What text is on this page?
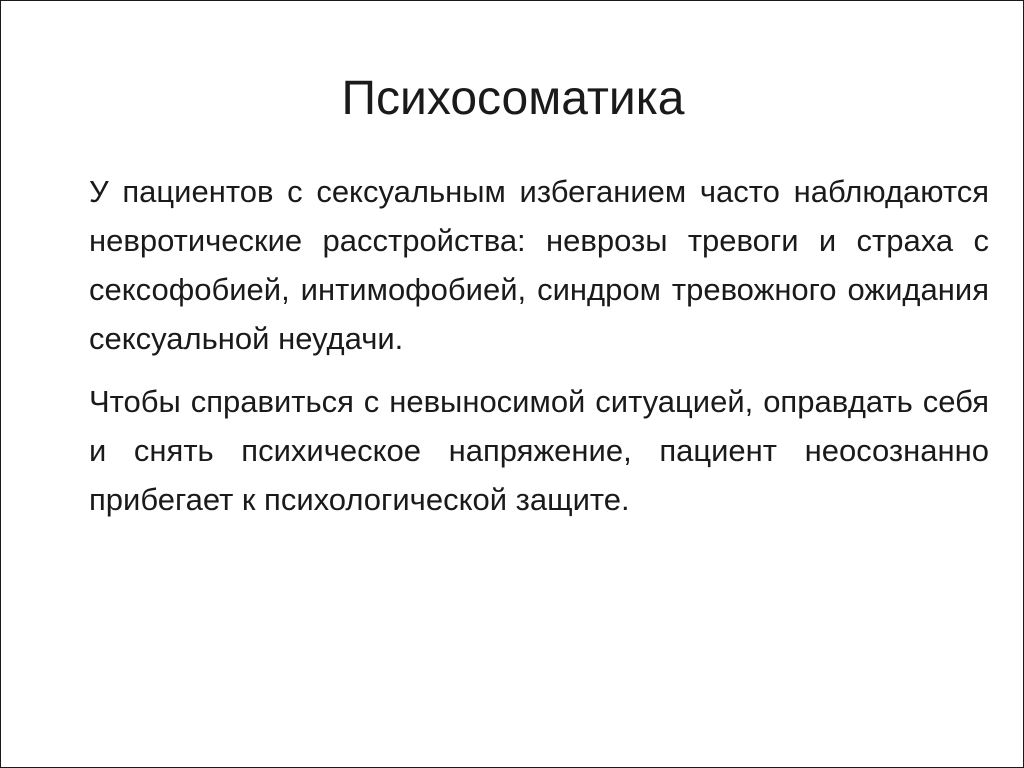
Психосоматика

У пациентов с сексуальным избеганием часто наблюдаются невротические расстройства: неврозы тревоги и страха с сексофобией, интимофобией, синдром тревожного ожидания сексуальной неудачи.

Чтобы справиться с невыносимой ситуацией, оправдать себя и снять психическое напряжение, пациент неосознанно прибегает к психологической защите.
